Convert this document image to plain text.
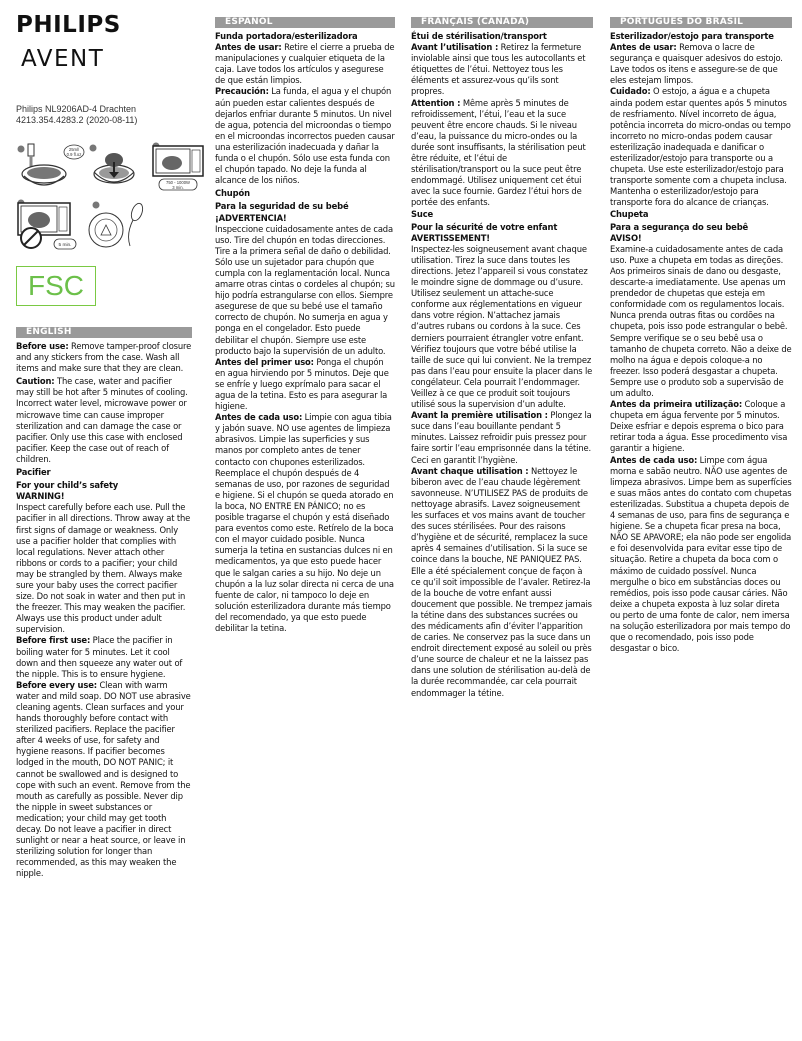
PHILIPS
AVENT
Philips NL9206AD-4 Drachten
4213.354.4283.2 (2020-08-11)
25ml/
0.9 fl.oz
750 - 1000W
3 min.
5 min.
FSC
ENGLISH

Before use: Remove tamper-proof closure and any stickers from the case. Wash all items and make sure that they are clean.

Caution: The case, water and pacifier may still be hot after 5 minutes of cooling. Incorrect water level, microwave power or microwave time can cause improper sterilization and can damage the case or pacifier. Only use this case with enclosed pacifier. Keep the case out of reach of children.

Pacifier

For your child’s safety

WARNING!

Inspect carefully before each use. Pull the pacifier in all directions. Throw away at the first signs of damage or weakness. Only use a pacifier holder that complies with local regulations. Never attach other ribbons or cords to a pacifier; your child may be strangled by them. Always make sure your baby uses the correct pacifier size. Do not soak in water and then put in the freezer. This may weaken the pacifier. Always use this product under adult supervision.

Before first use: Place the pacifier in boiling water for 5 minutes. Let it cool down and then squeeze any water out of the nipple. This is to ensure hygiene.

Before every use: Clean with warm water and mild soap. DO NOT use abrasive cleaning agents. Clean surfaces and your hands thoroughly before contact with sterilized pacifiers. Replace the pacifier after 4 weeks of use, for safety and hygiene reasons. If pacifier becomes lodged in the mouth, DO NOT PANIC; it cannot be swallowed and is designed to cope with such an event. Remove from the mouth as carefully as possible. Never dip the nipple in sweet substances or medication; your child may get tooth decay. Do not leave a pacifier in direct sunlight or near a heat source, or leave in sterilizing solution for longer than recommended, as this may weaken the nipple.

ESPAÑOL

Funda portadora/esterilizadora

Antes de usar: Retire el cierre a prueba de manipulaciones y cualquier etiqueta de la caja. Lave todos los artículos y asegurese de que están limpios.

Precaución: La funda, el agua y el chupón aún pueden estar calientes después de dejarlos enfriar durante 5 minutos. Un nivel de agua, potencia del microondas o tiempo en el microondas incorrectos pueden causar una esterilización inadecuada y dañar la funda o el chupón. Sólo use esta funda con el chupón tapado. No deje la funda al alcance de los niños.

Chupón

Para la seguridad de su bebé

¡ADVERTENCIA!

Inspeccione cuidadosamente antes de cada uso. Tire del chupón en todas direcciones. Tire a la primera señal de daño o debilidad. Sólo use un sujetador para chupón que cumpla con la reglamentación local. Nunca amarre otras cintas o cordeles al chupón; su hijo podría estrangularse con ellos. Siempre asegurese de que su bebé use el tamaño correcto de chupón. No sumerja en agua y ponga en el congelador. Esto puede debilitar el chupón. Siempre use este producto bajo la supervisión de un adulto.

Antes del primer uso: Ponga el chupón en agua hirviendo por 5 minutos. Deje que se enfríe y luego exprímalo para sacar el agua de la tetina. Esto es para asegurar la higiene.

Antes de cada uso: Limpie con agua tibia y jabón suave. NO use agentes de limpieza abrasivos. Limpie las superficies y sus manos por completo antes de tener contacto con chupones esterilizados. Reemplace el chupón después de 4 semanas de uso, por razones de seguridad e higiene. Si el chupón se queda atorado en la boca, NO ENTRE EN PÁNICO; no es posible tragarse el chupón y está diseñado para eventos como este. Retírelo de la boca con el mayor cuidado posible. Nunca sumerja la tetina en sustancias dulces ni en medicamentos, ya que esto puede hacer que le salgan caries a su hijo. No deje un chupón a la luz solar directa ni cerca de una fuente de calor, ni tampoco lo deje en solución esterilizadora durante más tiempo del recomendado, ya que esto puede debilitar la tetina.

FRANÇAIS (CANADA)

Étui de stérilisation/transport

Avant l’utilisation : Retirez la fermeture inviolable ainsi que tous les autocollants et étiquettes de l’étui. Nettoyez tous les éléments et assurez-vous qu’ils sont propres.

Attention : Même après 5 minutes de refroidissement, l’étui, l’eau et la suce peuvent être encore chauds. Si le niveau d’eau, la puissance du micro-ondes ou la durée sont insuffisants, la stérilisation peut être réduite, et l’étui de stérilisation/transport ou la suce peut être endommagé. Utilisez uniquement cet étui avec la suce fournie. Gardez l’étui hors de portée des enfants.

Suce

Pour la sécurité de votre enfant

AVERTISSEMENT!

Inspectez-les soigneusement avant chaque utilisation. Tirez la suce dans toutes les directions. Jetez l’appareil si vous constatez le moindre signe de dommage ou d’usure. Utilisez seulement un attache-suce conforme aux réglementations en vigueur dans votre région. N’attachez jamais d’autres rubans ou cordons à la suce. Ces derniers pourraient étrangler votre enfant. Vérifiez toujours que votre bébé utilise la taille de suce qui lui convient. Ne la trempez pas dans l’eau pour ensuite la placer dans le congélateur. Cela pourrait l’endommager. Veillez à ce que ce produit soit toujours utilisé sous la supervision d’un adulte.

Avant la première utilisation : Plongez la suce dans l’eau bouillante pendant 5 minutes. Laissez refroidir puis pressez pour faire sortir l’eau emprisonnée dans la tétine. Ceci en garantit l’hygiène.

Avant chaque utilisation : Nettoyez le biberon avec de l’eau chaude légèrement savonneuse. N’UTILISEZ PAS de produits de nettoyage abrasifs. Lavez soigneusement les surfaces et vos mains avant de toucher des suces stérilisées. Pour des raisons d’hygiène et de sécurité, remplacez la suce après 4 semaines d’utilisation. Si la suce se coince dans la bouche, NE PANIQUEZ PAS. Elle a été spécialement conçue de façon à ce qu’il soit impossible de l’avaler. Retirez-la de la bouche de votre enfant aussi doucement que possible. Ne trempez jamais la tétine dans des substances sucrées ou des médicaments afin d’éviter l’apparition de caries. Ne conservez pas la suce dans un endroit directement exposé au soleil ou près d’une source de chaleur et ne la laissez pas dans une solution de stérilisation au-delà de la durée recommandée, car cela pourrait endommager la tétine.

PORTUGUÊS DO BRASIL

Esterilizador/estojo para transporte

Antes de usar: Remova o lacre de segurança e quaisquer adesivos do estojo. Lave todos os itens e assegure-se de que eles estejam limpos.

Cuidado: O estojo, a água e a chupeta ainda podem estar quentes após 5 minutos de resfriamento. Nível incorreto de água, potência incorreta do micro-ondas ou tempo incorreto no micro-ondas podem causar esterilização inadequada e danificar o esterilizador/estojo para transporte ou a chupeta. Use este esterilizador/estojo para transporte somente com a chupeta inclusa. Mantenha o esterilizador/estojo para transporte fora do alcance de crianças.

Chupeta

Para a segurança do seu bebê

AVISO!

Examine-a cuidadosamente antes de cada uso. Puxe a chupeta em todas as direções. Aos primeiros sinais de dano ou desgaste, descarte-a imediatamente. Use apenas um prendedor de chupetas que esteja em conformidade com os regulamentos locais. Nunca prenda outras fitas ou cordões na chupeta, pois isso pode estrangular o bebê. Sempre verifique se o seu bebê usa o tamanho de chupeta correto. Não a deixe de molho na água e depois coloque-a no freezer. Isso poderá desgastar a chupeta. Sempre use o produto sob a supervisão de um adulto.

Antes da primeira utilização: Coloque a chupeta em água fervente por 5 minutos. Deixe esfriar e depois esprema o bico para retirar toda a água. Esse procedimento visa garantir a higiene.

Antes de cada uso: Limpe com água morna e sabão neutro. NÃO use agentes de limpeza abrasivos. Limpe bem as superfícies e suas mãos antes do contato com chupetas esterilizadas. Substitua a chupeta depois de 4 semanas de uso, para fins de segurança e higiene. Se a chupeta ficar presa na boca, NÃO SE APAVORE; ela não pode ser engolida e foi desenvolvida para evitar esse tipo de situação. Retire a chupeta da boca com o máximo de cuidado possível. Nunca mergulhe o bico em substâncias doces ou remédios, pois isso pode causar cáries. Não deixe a chupeta exposta à luz solar direta ou perto de uma fonte de calor, nem imersa na solução esterilizadora por mais tempo do que o recomendado, pois isso pode desgastar o bico.
